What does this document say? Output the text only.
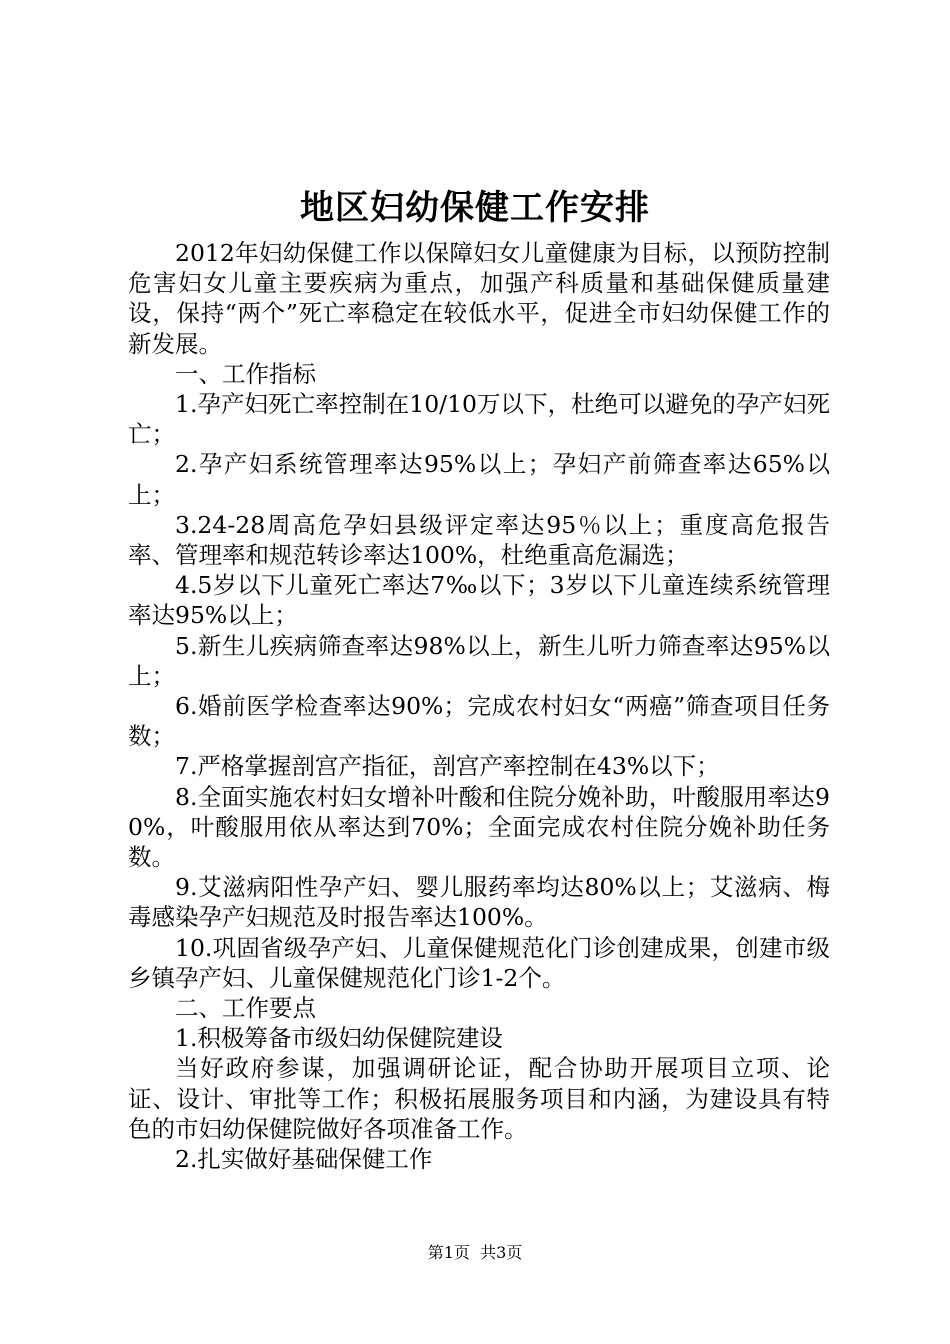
地区妇幼保健工作安排

2012年妇幼保健工作以保障妇女儿童健康为目标，以预防控制危害妇女儿童主要疾病为重点，加强产科质量和基础保健质量建设，保持“两个”死亡率稳定在较低水平，促进全市妇幼保健工作的新发展。

一、工作指标

1.孕产妇死亡率控制在10/10万以下，杜绝可以避免的孕产妇死亡；

2.孕产妇系统管理率达95%以上；孕妇产前筛查率达65%以上；

3.24-28周高危孕妇县级评定率达95％以上；重度高危报告率、管理率和规范转诊率达100%，杜绝重高危漏选；

4.5岁以下儿童死亡率达7‰以下；3岁以下儿童连续系统管理率达95%以上；

5.新生儿疾病筛查率达98%以上，新生儿听力筛查率达95%以上；

6.婚前医学检查率达90%；完成农村妇女“两癌”筛查项目任务数；

7.严格掌握剖宫产指征，剖宫产率控制在43%以下；

8.全面实施农村妇女增补叶酸和住院分娩补助，叶酸服用率达90%，叶酸服用依从率达到70%；全面完成农村住院分娩补助任务数。

9.艾滋病阳性孕产妇、婴儿服药率均达80%以上；艾滋病、梅毒感染孕产妇规范及时报告率达100%。

10.巩固省级孕产妇、儿童保健规范化门诊创建成果，创建市级乡镇孕产妇、儿童保健规范化门诊1-2个。

二、工作要点

1.积极筹备市级妇幼保健院建设

当好政府参谋，加强调研论证，配合协助开展项目立项、论证、设计、审批等工作；积极拓展服务项目和内涵，为建设具有特色的市妇幼保健院做好各项准备工作。

2.扎实做好基础保健工作

第1页 共3页
